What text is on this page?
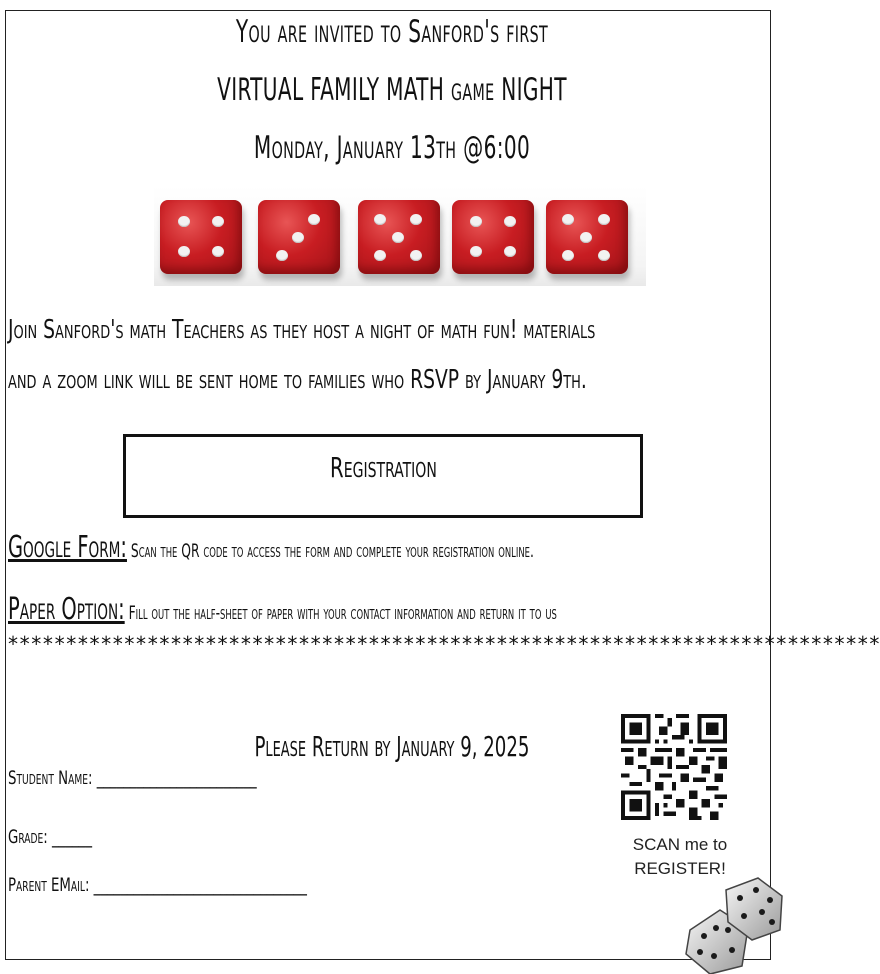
You are invited to Sanford's first
VIRTUAL FAMILY MATH game NIGHT
Monday, January 13th @6:00
Join Sanford's math Teachers as they host a night of math fun! materials
and a zoom link will be sent home to families who RSVP by January 9th.
Registration
Google Form: Scan the QR code to access the form and complete your registration online.
Paper Option: Fill out the half-sheet of paper with your contact information and return it to us
***************************************************************************
Please Return by January 9, 2025
Student Name: ________________________
Grade: ______
Parent EMail: ________________________________
SCAN me to
REGISTER!
